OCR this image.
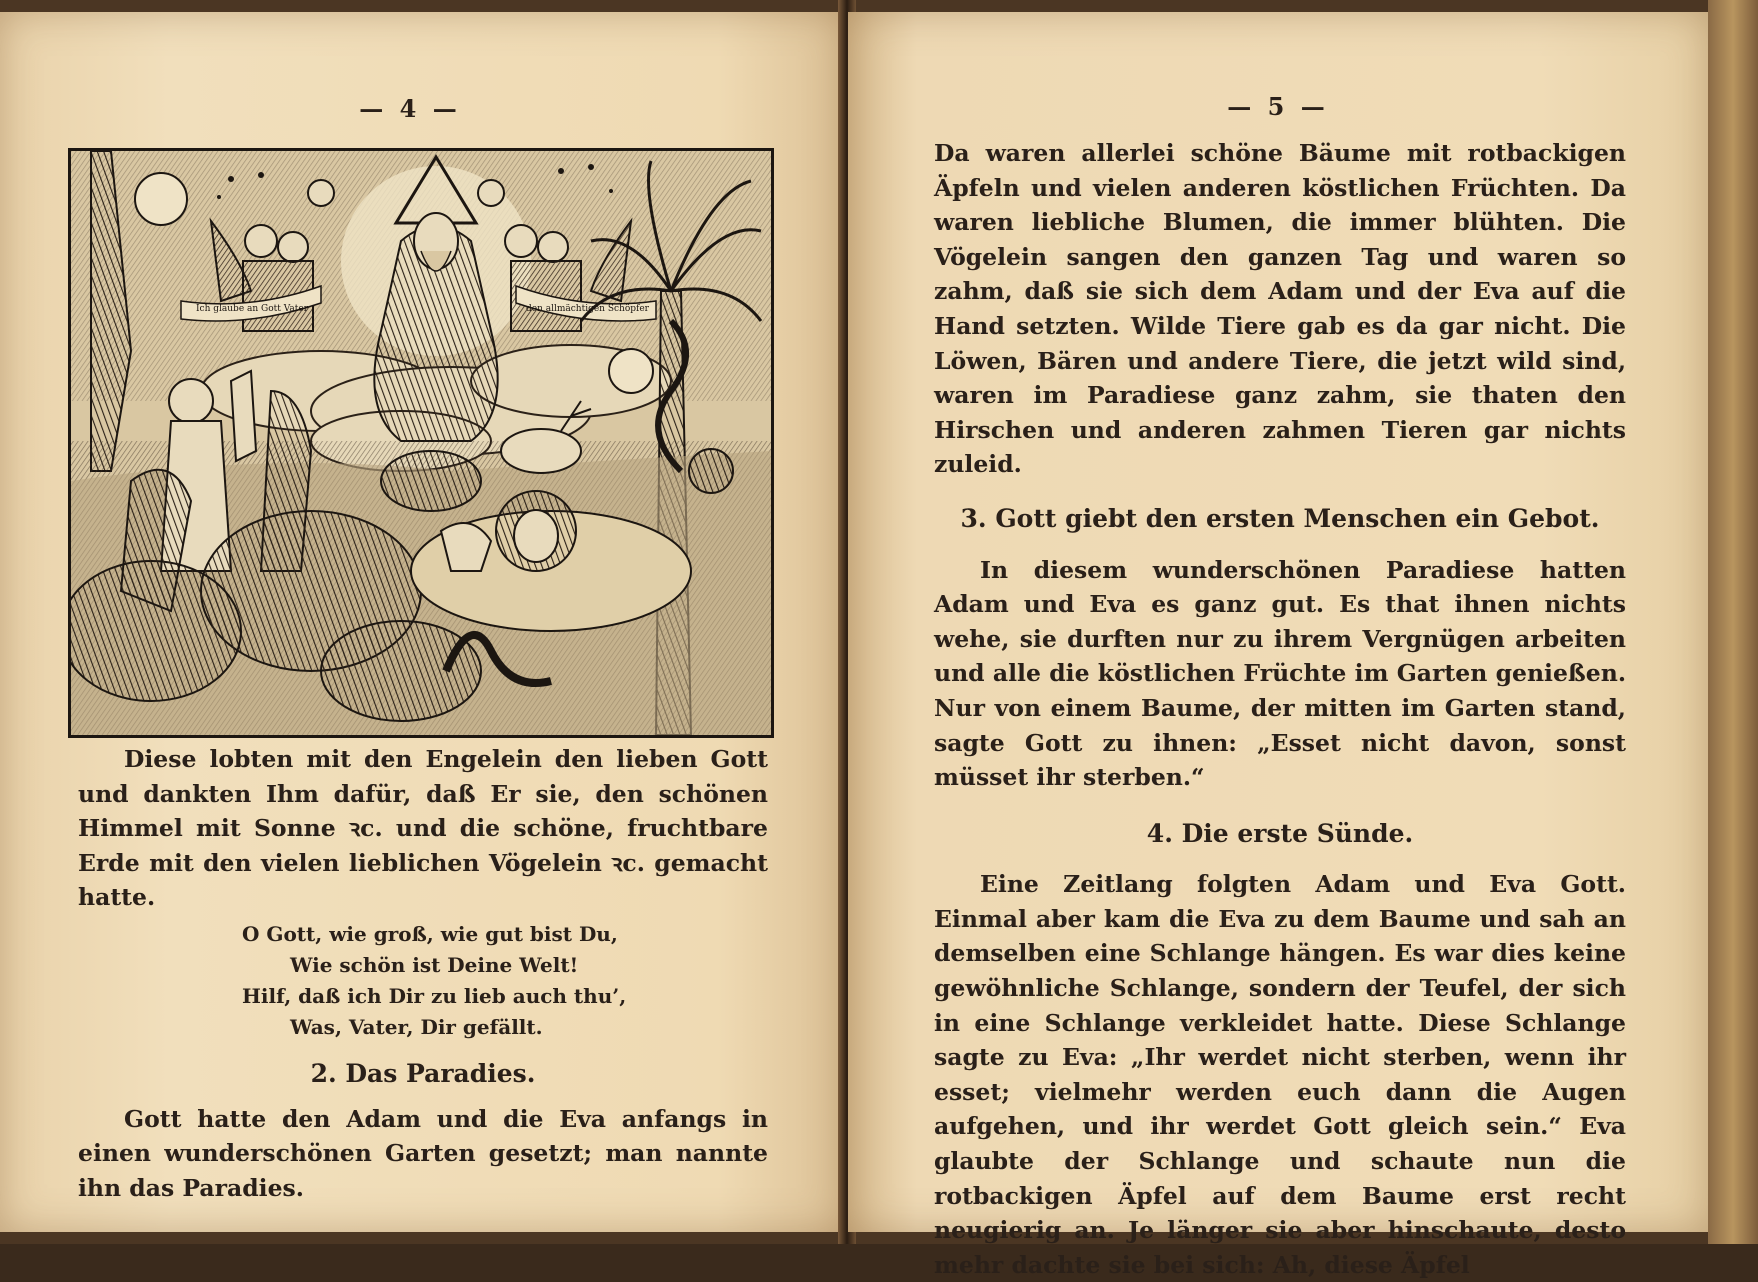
— 4 —
Ich glaube an Gott Vater	den allmächtigen Schöpfer

Diese lobten mit den Engelein den lieben Gott und dankten Ihm dafür, daß Er sie, den schönen Himmel mit Sonne ꝛc. und die schöne, fruchtbare Erde mit den vielen lieblichen Vögelein ꝛc. gemacht hatte.

O Gott, wie groß, wie gut bist Du,
Wie schön ist Deine Welt!
Hilf, daß ich Dir zu lieb auch thu’,
Was, Vater, Dir gefällt.
2. Das Paradies.

Gott hatte den Adam und die Eva anfangs in einen wunderschönen Garten gesetzt; man nannte ihn das Paradies.

— 5 —

Da waren allerlei schöne Bäume mit rotbackigen Äpfeln und vielen anderen köstlichen Früchten. Da waren liebliche Blumen, die immer blühten. Die Vögelein sangen den ganzen Tag und waren so zahm, daß sie sich dem Adam und der Eva auf die Hand setzten. Wilde Tiere gab es da gar nicht. Die Löwen, Bären und andere Tiere, die jetzt wild sind, waren im Paradiese ganz zahm, sie thaten den Hirschen und anderen zahmen Tieren gar nichts zuleid.

3. Gott giebt den ersten Menschen ein Gebot.

In diesem wunderschönen Paradiese hatten Adam und Eva es ganz gut. Es that ihnen nichts wehe, sie durften nur zu ihrem Vergnügen arbeiten und alle die köstlichen Früchte im Garten genießen. Nur von einem Baume, der mitten im Garten stand, sagte Gott zu ihnen: „Esset nicht davon, sonst müsset ihr sterben.“

4. Die erste Sünde.

Eine Zeitlang folgten Adam und Eva Gott. Einmal aber kam die Eva zu dem Baume und sah an demselben eine Schlange hängen. Es war dies keine gewöhnliche Schlange, sondern der Teufel, der sich in eine Schlange verkleidet hatte. Diese Schlange sagte zu Eva: „Ihr werdet nicht sterben, wenn ihr esset; vielmehr werden euch dann die Augen aufgehen, und ihr werdet Gott gleich sein.“ Eva glaubte der Schlange und schaute nun die rotbackigen Äpfel auf dem Baume erst recht neugierig an. Je länger sie aber hinschaute, desto mehr dachte sie bei sich: Ah, diese Äpfel
